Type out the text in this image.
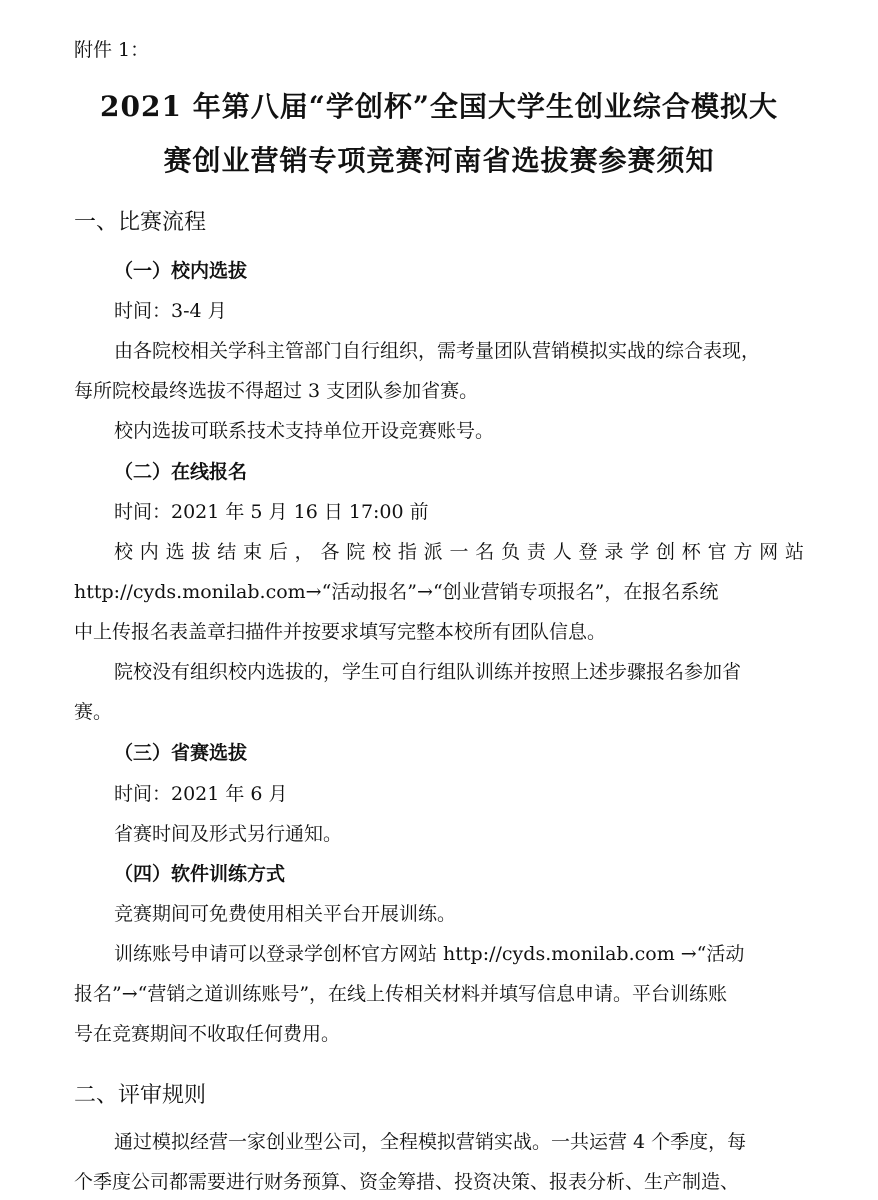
附件 1：
2021 年第八届“学创杯”全国大学生创业综合模拟大
赛创业营销专项竞赛河南省选拔赛参赛须知
一、比赛流程
（一）校内选拔
时间：3-4 月
由各院校相关学科主管部门自行组织，需考量团队营销模拟实战的综合表现，
每所院校最终选拔不得超过 3 支团队参加省赛。
校内选拔可联系技术支持单位开设竞赛账号。
（二）在线报名
时间：2021 年 5 月 16 日 17:00 前
校内选拔结束后，各院校指派一名负责人登录学创杯官方网站
http://cyds.monilab.com→“活动报名”→“创业营销专项报名”，在报名系统
中上传报名表盖章扫描件并按要求填写完整本校所有团队信息。
院校没有组织校内选拔的，学生可自行组队训练并按照上述步骤报名参加省
赛。
（三）省赛选拔
时间：2021 年 6 月
省赛时间及形式另行通知。
（四）软件训练方式
竞赛期间可免费使用相关平台开展训练。
训练账号申请可以登录学创杯官方网站 http://cyds.monilab.com →“活动
报名”→“营销之道训练账号”，在线上传相关材料并填写信息申请。平台训练账
号在竞赛期间不收取任何费用。
二、评审规则
通过模拟经营一家创业型公司，全程模拟营销实战。一共运营 4 个季度，每
个季度公司都需要进行财务预算、资金筹措、投资决策、报表分析、生产制造、
